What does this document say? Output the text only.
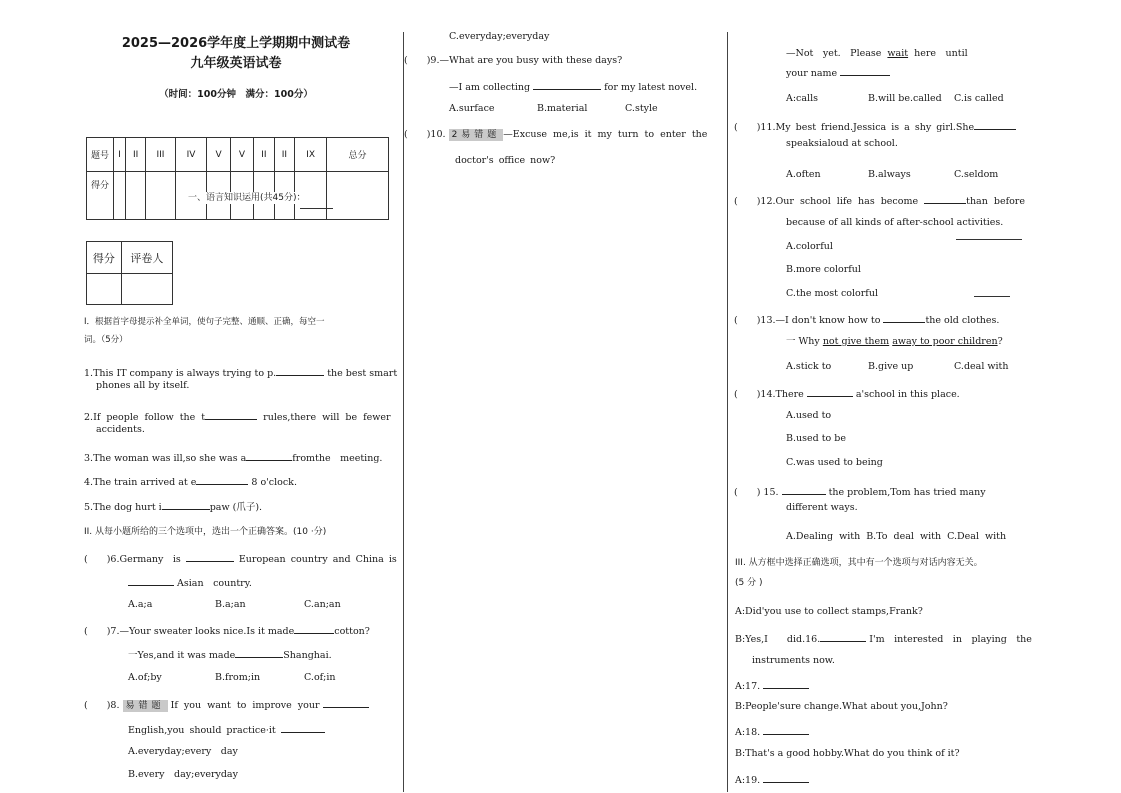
2025—2026学年度上学期期中测试卷
九年级英语试卷
（时间：100分钟　满分：100分）
题号	I	II	III	IV	V	V	II	II	IX	总分
得分										
一、语言知识运用(共45分)：
得分	评卷人

I．根据首字母提示补全单词，使句子完整、通顺、正确，每空一
词。（5分）
1.This IT company is always trying to p.	the best smart
phones all by itself.
2.If people follow the t	rules,there will be fewer
accidents.
3.The woman was ill,so she was a	fromthe　meeting.
4.The train arrived at e	8 o'clock.
5.The dog hurt i	paw (爪子).
II. 从每小题所给的三个选项中，选出一个正确答案。(10 ·分)
(　　)6.Germany　is	European country and China is
Asian　country.
A.a;a	B.a;an	C.an;an
(　　)7.—Your sweater looks nice.Is it made	cotton?
一Yes,and it was made	Shanghai.
A.of;by	B.from;in	C.of;in
(　　)8. 易错题 If you want to improve your
English,you should practice·it
A.everyday;every　day
B.every　day;everyday
C.everyday;everyday
(　　)9.—What are you busy with these days?
—I am collecting	for my latest novel.
A.surface	B.material	C.style
(　　)10. 2易错题 —Excuse me,is it my turn to enter the
doctor's office now?
—Not　yet.　Please wait here　until
your name
A:calls	B.will be.called C.is called
(　　)11.My best friend.Jessica is a shy girl.She
speaksialoud at school.
A.often	B.always	C.seldom
(　　)12.Our school life has become	than before
because of all kinds of after-school activities.
A.colorful
B.more colorful
C.the most colorful
(　　)13.—I don't know how to	the old clothes.
一 Why not give them away to poor children?
A.stick to	B.give up	C.deal with
(　　)14.There	a'school in this place.
A.used to
B.used to be
C.was used to being
(　　) 15.	the problem,Tom has tried many
different ways.
A.Dealing with B.To deal with C.Deal with
III. 从方框中选择正确选项，其中有一个选项与对话内容无关。
(5 分 )
A:Did'you use to collect stamps,Frank?
B:Yes,I　　did.16.	I'm　interested　in　playing　the
instruments now.
A:17.
B:People'sure change.What about you,John?
A:18.
B:That's a good hobby.What do you think of it?
A:19.
